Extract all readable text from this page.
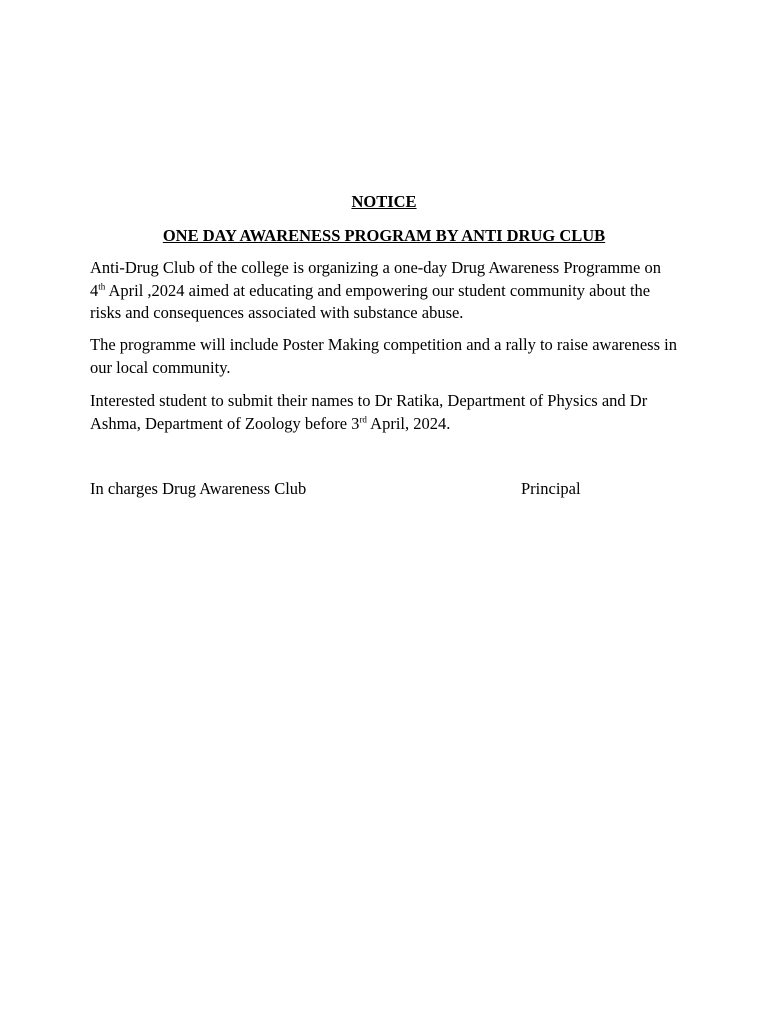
NOTICE

ONE DAY AWARENESS PROGRAM BY ANTI DRUG CLUB

Anti-Drug Club of the college is organizing a one-day Drug Awareness Programme on 4th April ,2024 aimed at educating and empowering our student community about the risks and consequences associated with substance abuse.

The programme will include Poster Making competition and a rally to raise awareness in our local community.

Interested student to submit their names to Dr Ratika, Department of Physics and Dr Ashma, Department of Zoology before 3rd April, 2024.

In charges Drug Awareness Club	Principal
